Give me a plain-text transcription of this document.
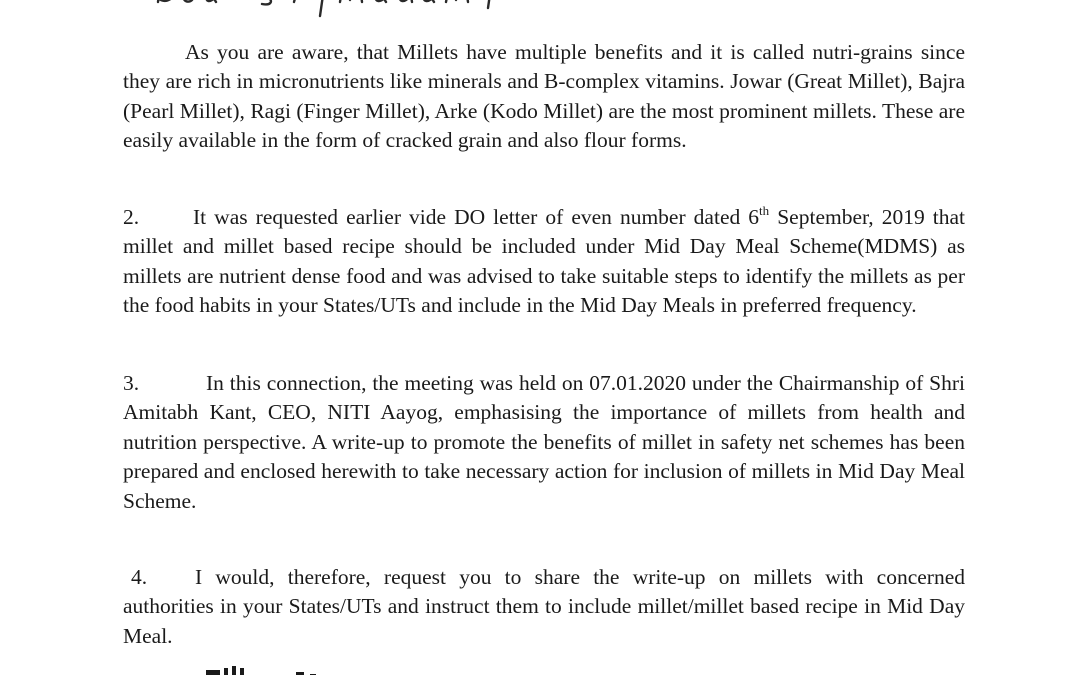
As you are aware, that Millets have multiple benefits and it is called nutri-grains since they are rich in micronutrients like minerals and B-complex vitamins. Jowar (Great Millet), Bajra (Pearl Millet), Ragi (Finger Millet), Arke (Kodo Millet) are the most prominent millets. These are easily available in the form of cracked grain and also flour forms.

2.	It was requested earlier vide DO letter of even number dated 6th September, 2019 that millet and millet based recipe should be included under Mid Day Meal Scheme(MDMS) as millets are nutrient dense food and was advised to take suitable steps to identify the millets as per the food habits in your States/UTs and include in the Mid Day Meals in preferred frequency.

3.	In this connection, the meeting was held on 07.01.2020 under the Chairmanship of Shri Amitabh Kant, CEO, NITI Aayog, emphasising the importance of millets from health and nutrition perspective. A write-up to promote the benefits of millet in safety net schemes has been prepared and enclosed herewith to take necessary action for inclusion of millets in Mid Day Meal Scheme.

4. I would, therefore, request you to share the write-up on millets with concerned authorities in your States/UTs and instruct them to include millet/millet based recipe in Mid Day Meal.
